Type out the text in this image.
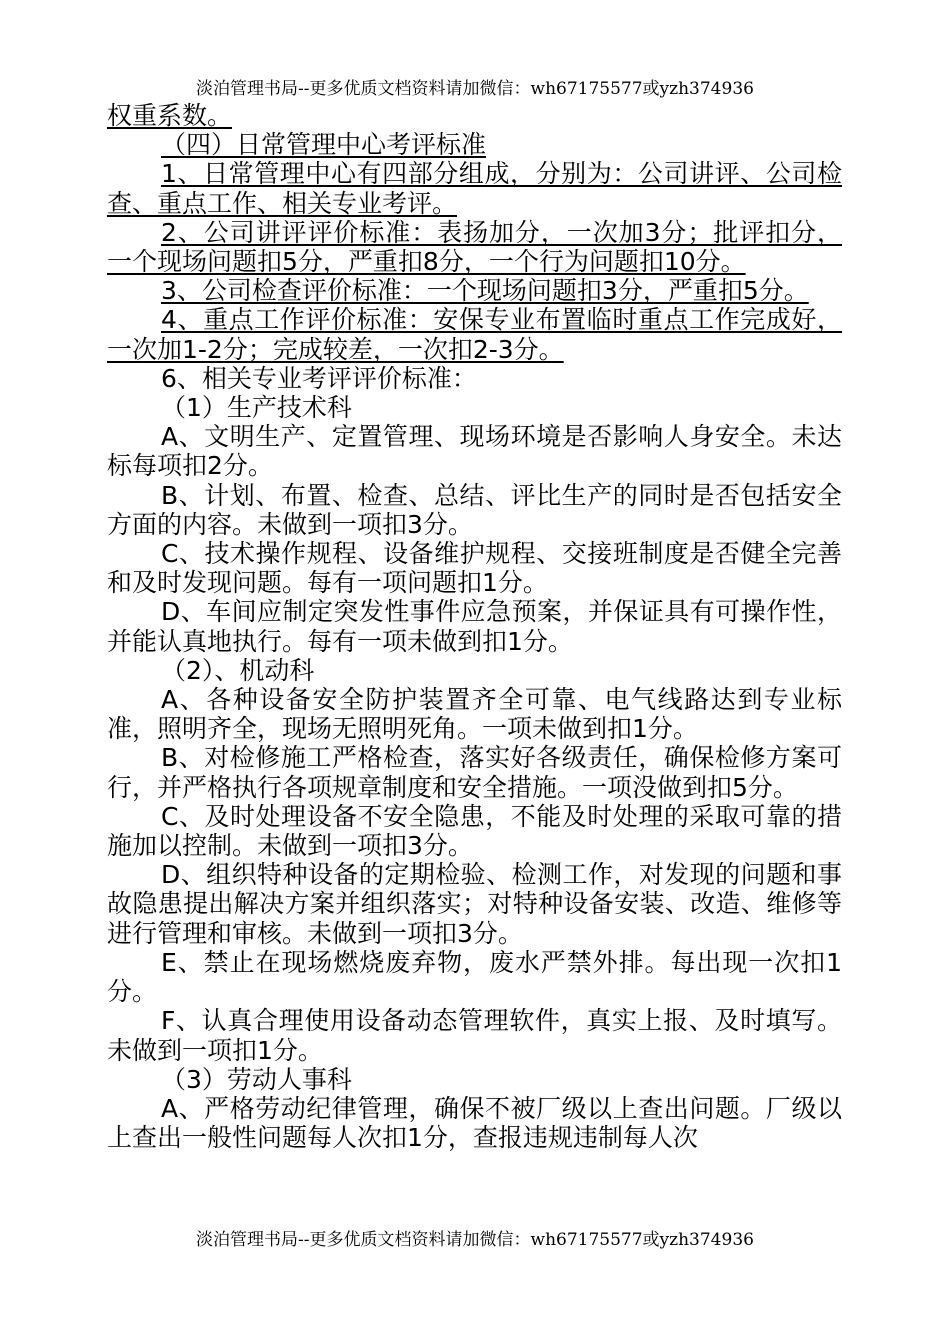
淡泊管理书局--更多优质文档资料请加微信：wh67175577或yzh374936

权重系数。

（四）日常管理中心考评标准

1、日常管理中心有四部分组成，分别为：公司讲评、公司检查、重点工作、相关专业考评。

2、公司讲评评价标准：表扬加分，一次加3分；批评扣分，一个现场问题扣5分，严重扣8分，一个行为问题扣10分。

3、公司检查评价标准：一个现场问题扣3分，严重扣5分。

4、重点工作评价标准：安保专业布置临时重点工作完成好，一次加1-2分；完成较差，一次扣2-3分。

6、相关专业考评评价标准：

（1）生产技术科

A、文明生产、定置管理、现场环境是否影响人身安全。未达标每项扣2分。

B、计划、布置、检查、总结、评比生产的同时是否包括安全方面的内容。未做到一项扣3分。

C、技术操作规程、设备维护规程、交接班制度是否健全完善和及时发现问题。每有一项问题扣1分。

D、车间应制定突发性事件应急预案，并保证具有可操作性，并能认真地执行。每有一项未做到扣1分。

（2）、机动科

A、各种设备安全防护装置齐全可靠、电气线路达到专业标准，照明齐全，现场无照明死角。一项未做到扣1分。

B、对检修施工严格检查，落实好各级责任，确保检修方案可行，并严格执行各项规章制度和安全措施。一项没做到扣5分。

C、及时处理设备不安全隐患，不能及时处理的采取可靠的措施加以控制。未做到一项扣3分。

D、组织特种设备的定期检验、检测工作，对发现的问题和事故隐患提出解决方案并组织落实；对特种设备安装、改造、维修等进行管理和审核。未做到一项扣3分。

E、禁止在现场燃烧废弃物，废水严禁外排。每出现一次扣1分。

F、认真合理使用设备动态管理软件，真实上报、及时填写。未做到一项扣1分。

（3）劳动人事科

A、严格劳动纪律管理，确保不被厂级以上查出问题。厂级以上查出一般性问题每人次扣1分，查报违规违制每人次

淡泊管理书局--更多优质文档资料请加微信：wh67175577或yzh374936
